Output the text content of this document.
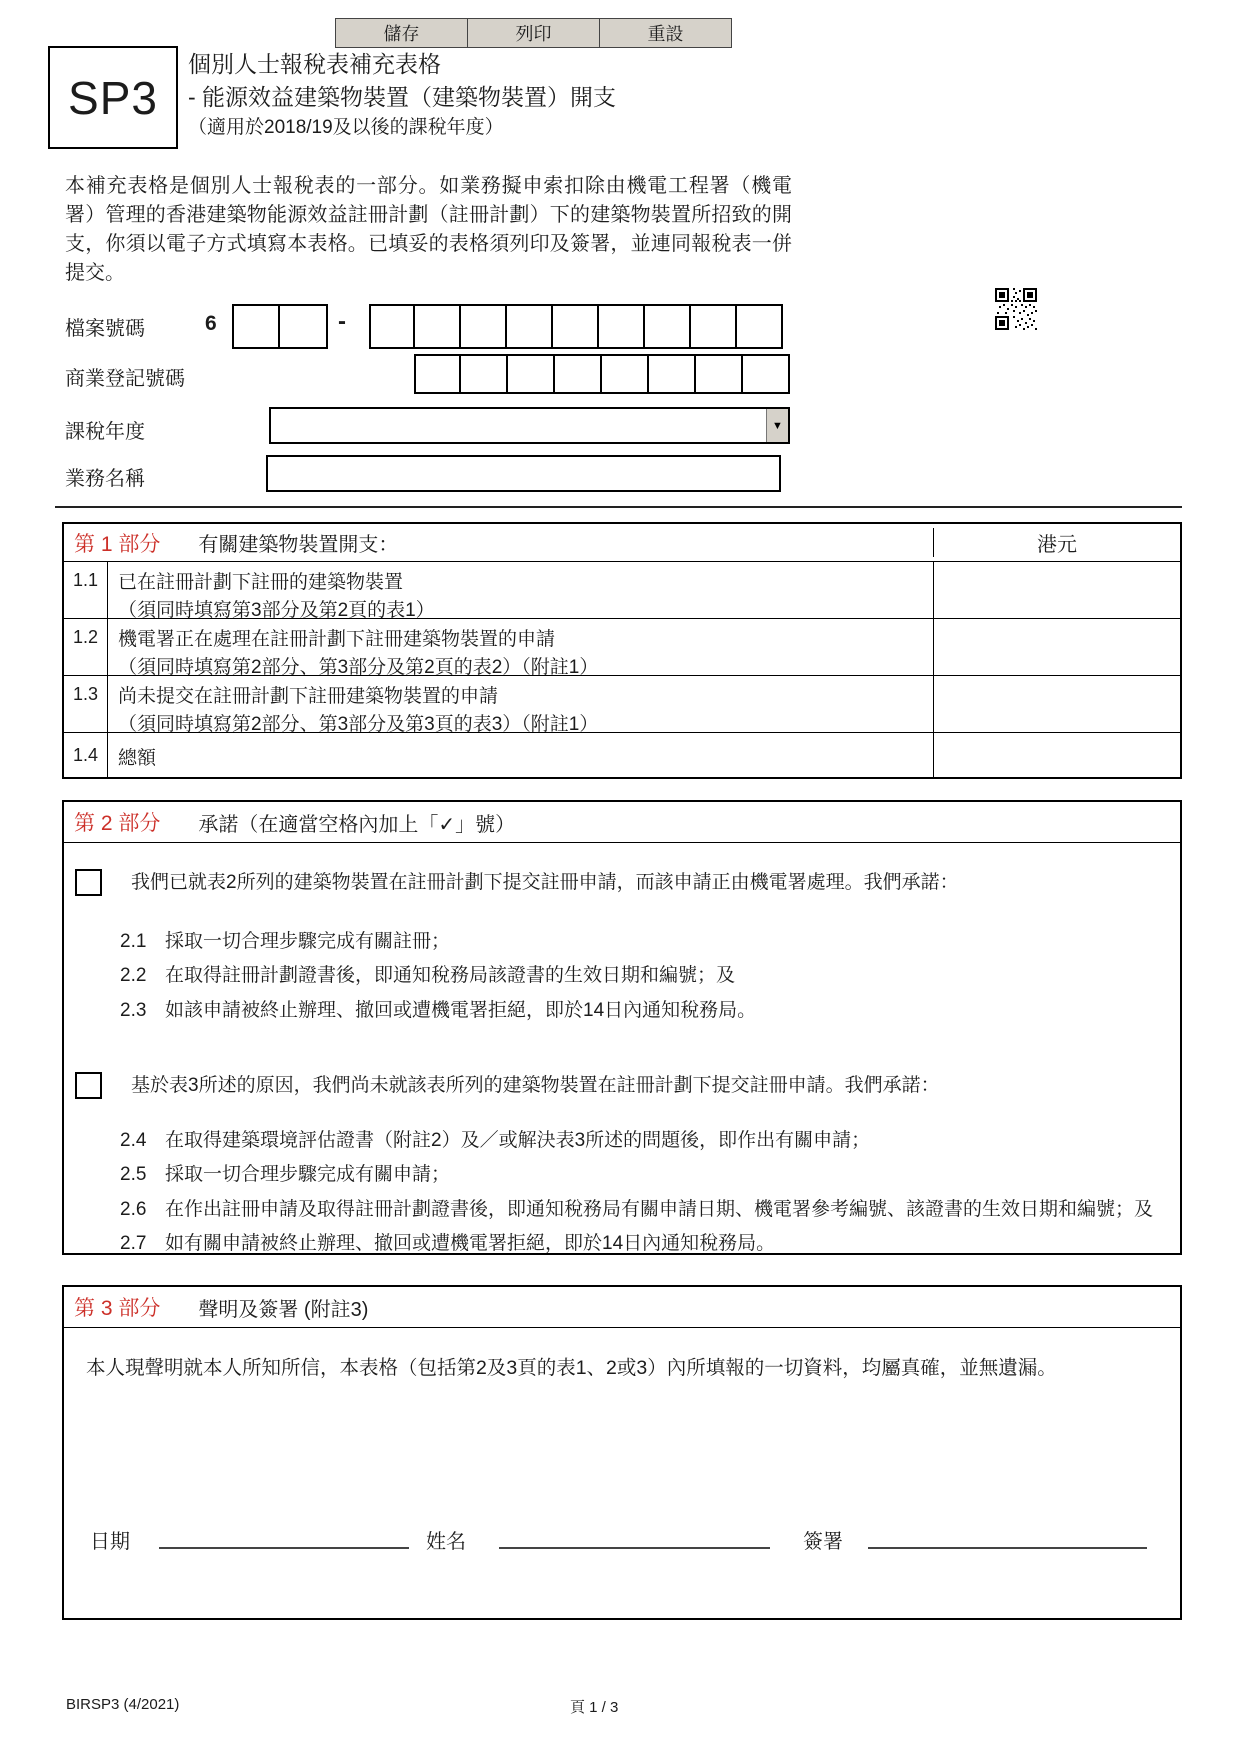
儲存	列印	重設
SP3
個別人士報稅表補充表格
- 能源效益建築物裝置（建築物裝置）開支
（適用於2018/19及以後的課稅年度）
本補充表格是個別人士報稅表的一部分。如業務擬申索扣除由機電工程署（機電署）管理的香港建築物能源效益註冊計劃（註冊計劃）下的建築物裝置所招致的開支，你須以電子方式填寫本表格。已填妥的表格須列印及簽署，並連同報稅表一併提交。
檔案號碼	6	-
商業登記號碼
課稅年度	▼
業務名稱
第 1 部分 有關建築物裝置開支：	港元
1.1	已在註冊計劃下註冊的建築物裝置
（須同時填寫第3部分及第2頁的表1）
1.2	機電署正在處理在註冊計劃下註冊建築物裝置的申請
（須同時填寫第2部分、第3部分及第2頁的表2）（附註1）
1.3	尚未提交在註冊計劃下註冊建築物裝置的申請
（須同時填寫第2部分、第3部分及第3頁的表3）（附註1）
1.4	總額
第 2 部分 承諾（在適當空格內加上「✓」號）
我們已就表2所列的建築物裝置在註冊計劃下提交註冊申請，而該申請正由機電署處理。我們承諾：
2.1 採取一切合理步驟完成有關註冊；
2.2 在取得註冊計劃證書後，即通知稅務局該證書的生效日期和編號；及
2.3 如該申請被終止辦理、撤回或遭機電署拒絕，即於14日內通知稅務局。
基於表3所述的原因，我們尚未就該表所列的建築物裝置在註冊計劃下提交註冊申請。我們承諾：
2.4 在取得建築環境評估證書（附註2）及／或解決表3所述的問題後，即作出有關申請；
2.5 採取一切合理步驟完成有關申請；
2.6 在作出註冊申請及取得註冊計劃證書後，即通知稅務局有關申請日期、機電署參考編號、該證書的生效日期和編號；及
2.7 如有關申請被終止辦理、撤回或遭機電署拒絕，即於14日內通知稅務局。
第 3 部分 聲明及簽署 (附註3)
本人現聲明就本人所知所信，本表格（包括第2及3頁的表1、2或3）內所填報的一切資料，均屬真確，並無遺漏。
日期	姓名	簽署
BIRSP3 (4/2021)	頁 1 / 3
